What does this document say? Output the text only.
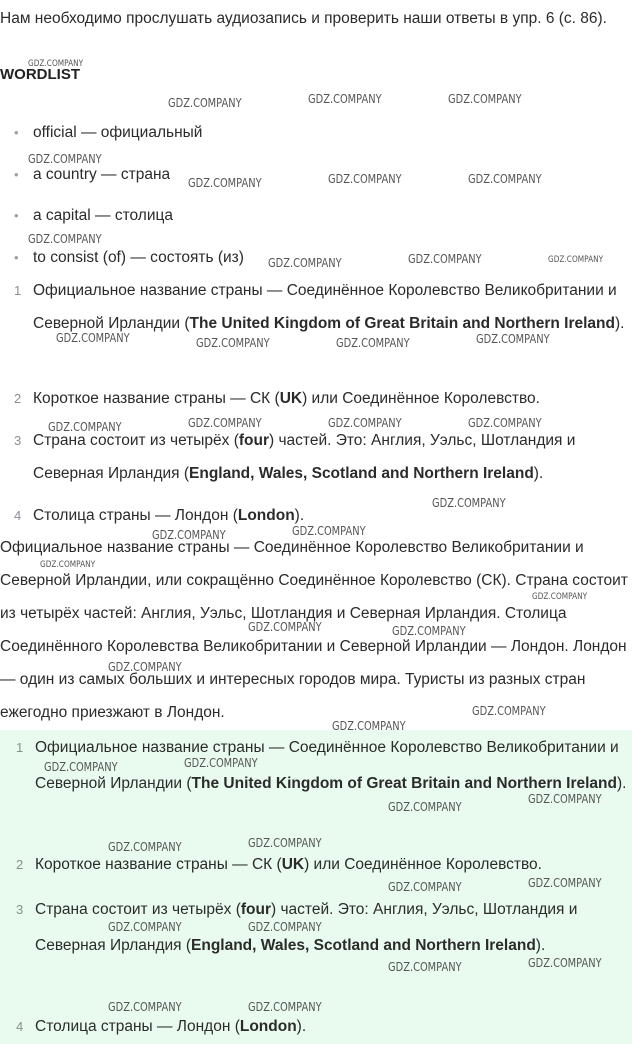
Нам необходимо прослушать аудиозапись и проверить наши ответы в упр. 6 (с. 86).
WORDLIST
• official — официальный
• a country — страна
• a capital — столица
• to consist (of) — состоять (из)
1 Официальное название страны — Соединённое Королевство Великобритании и Северной Ирландии (The United Kingdom of Great Britain and Northern Ireland).
2 Короткое название страны — СК (UK) или Соединённое Королевство.
3 Страна состоит из четырёх (four) частей. Это: Англия, Уэльс, Шотландия и Северная Ирландия (England, Wales, Scotland and Northern Ireland).
4 Столица страны — Лондон (London).
Официальное название страны — Соединённое Королевство Великобритании и Северной Ирландии, или сокращённо Соединённое Королевство (СК). Страна состоит из четырёх частей: Англия, Уэльс, Шотландия и Северная Ирландия. Столица Соединённого Королевства Великобритании и Северной Ирландии — Лондон. Лондон — один из самых больших и интересных городов мира. Туристы из разных стран ежегодно приезжают в Лондон.
1 Официальное название страны — Соединённое Королевство Великобритании и Северной Ирландии (The United Kingdom of Great Britain and Northern Ireland).
2 Короткое название страны — СК (UK) или Соединённое Королевство.
3 Страна состоит из четырёх (four) частей. Это: Англия, Уэльс, Шотландия и Северная Ирландия (England, Wales, Scotland and Northern Ireland).
4 Столица страны — Лондон (London).
GDZ.COMPANY
GDZ.COMPANY	GDZ.COMPANY	GDZ.COMPANY
GDZ.COMPANY
GDZ.COMPANY	GDZ.COMPANY	GDZ.COMPANY
GDZ.COMPANY
GDZ.COMPANY	GDZ.COMPANY	GDZ.COMPANY
GDZ.COMPANY	GDZ.COMPANY	GDZ.COMPANY	GDZ.COMPANY
GDZ.COMPANY	GDZ.COMPANY	GDZ.COMPANY	GDZ.COMPANY
GDZ.COMPANY
GDZ.COMPANY	GDZ.COMPANY
GDZ.COMPANY
GDZ.COMPANY
GDZ.COMPANY	GDZ.COMPANY
GDZ.COMPANY
GDZ.COMPANY
GDZ.COMPANY
GDZ.COMPANY	GDZ.COMPANY
GDZ.COMPANY
GDZ.COMPANY
GDZ.COMPANY	GDZ.COMPANY
GDZ.COMPANY	GDZ.COMPANY
GDZ.COMPANY	GDZ.COMPANY
GDZ.COMPANY	GDZ.COMPANY
GDZ.COMPANY	GDZ.COMPANY
